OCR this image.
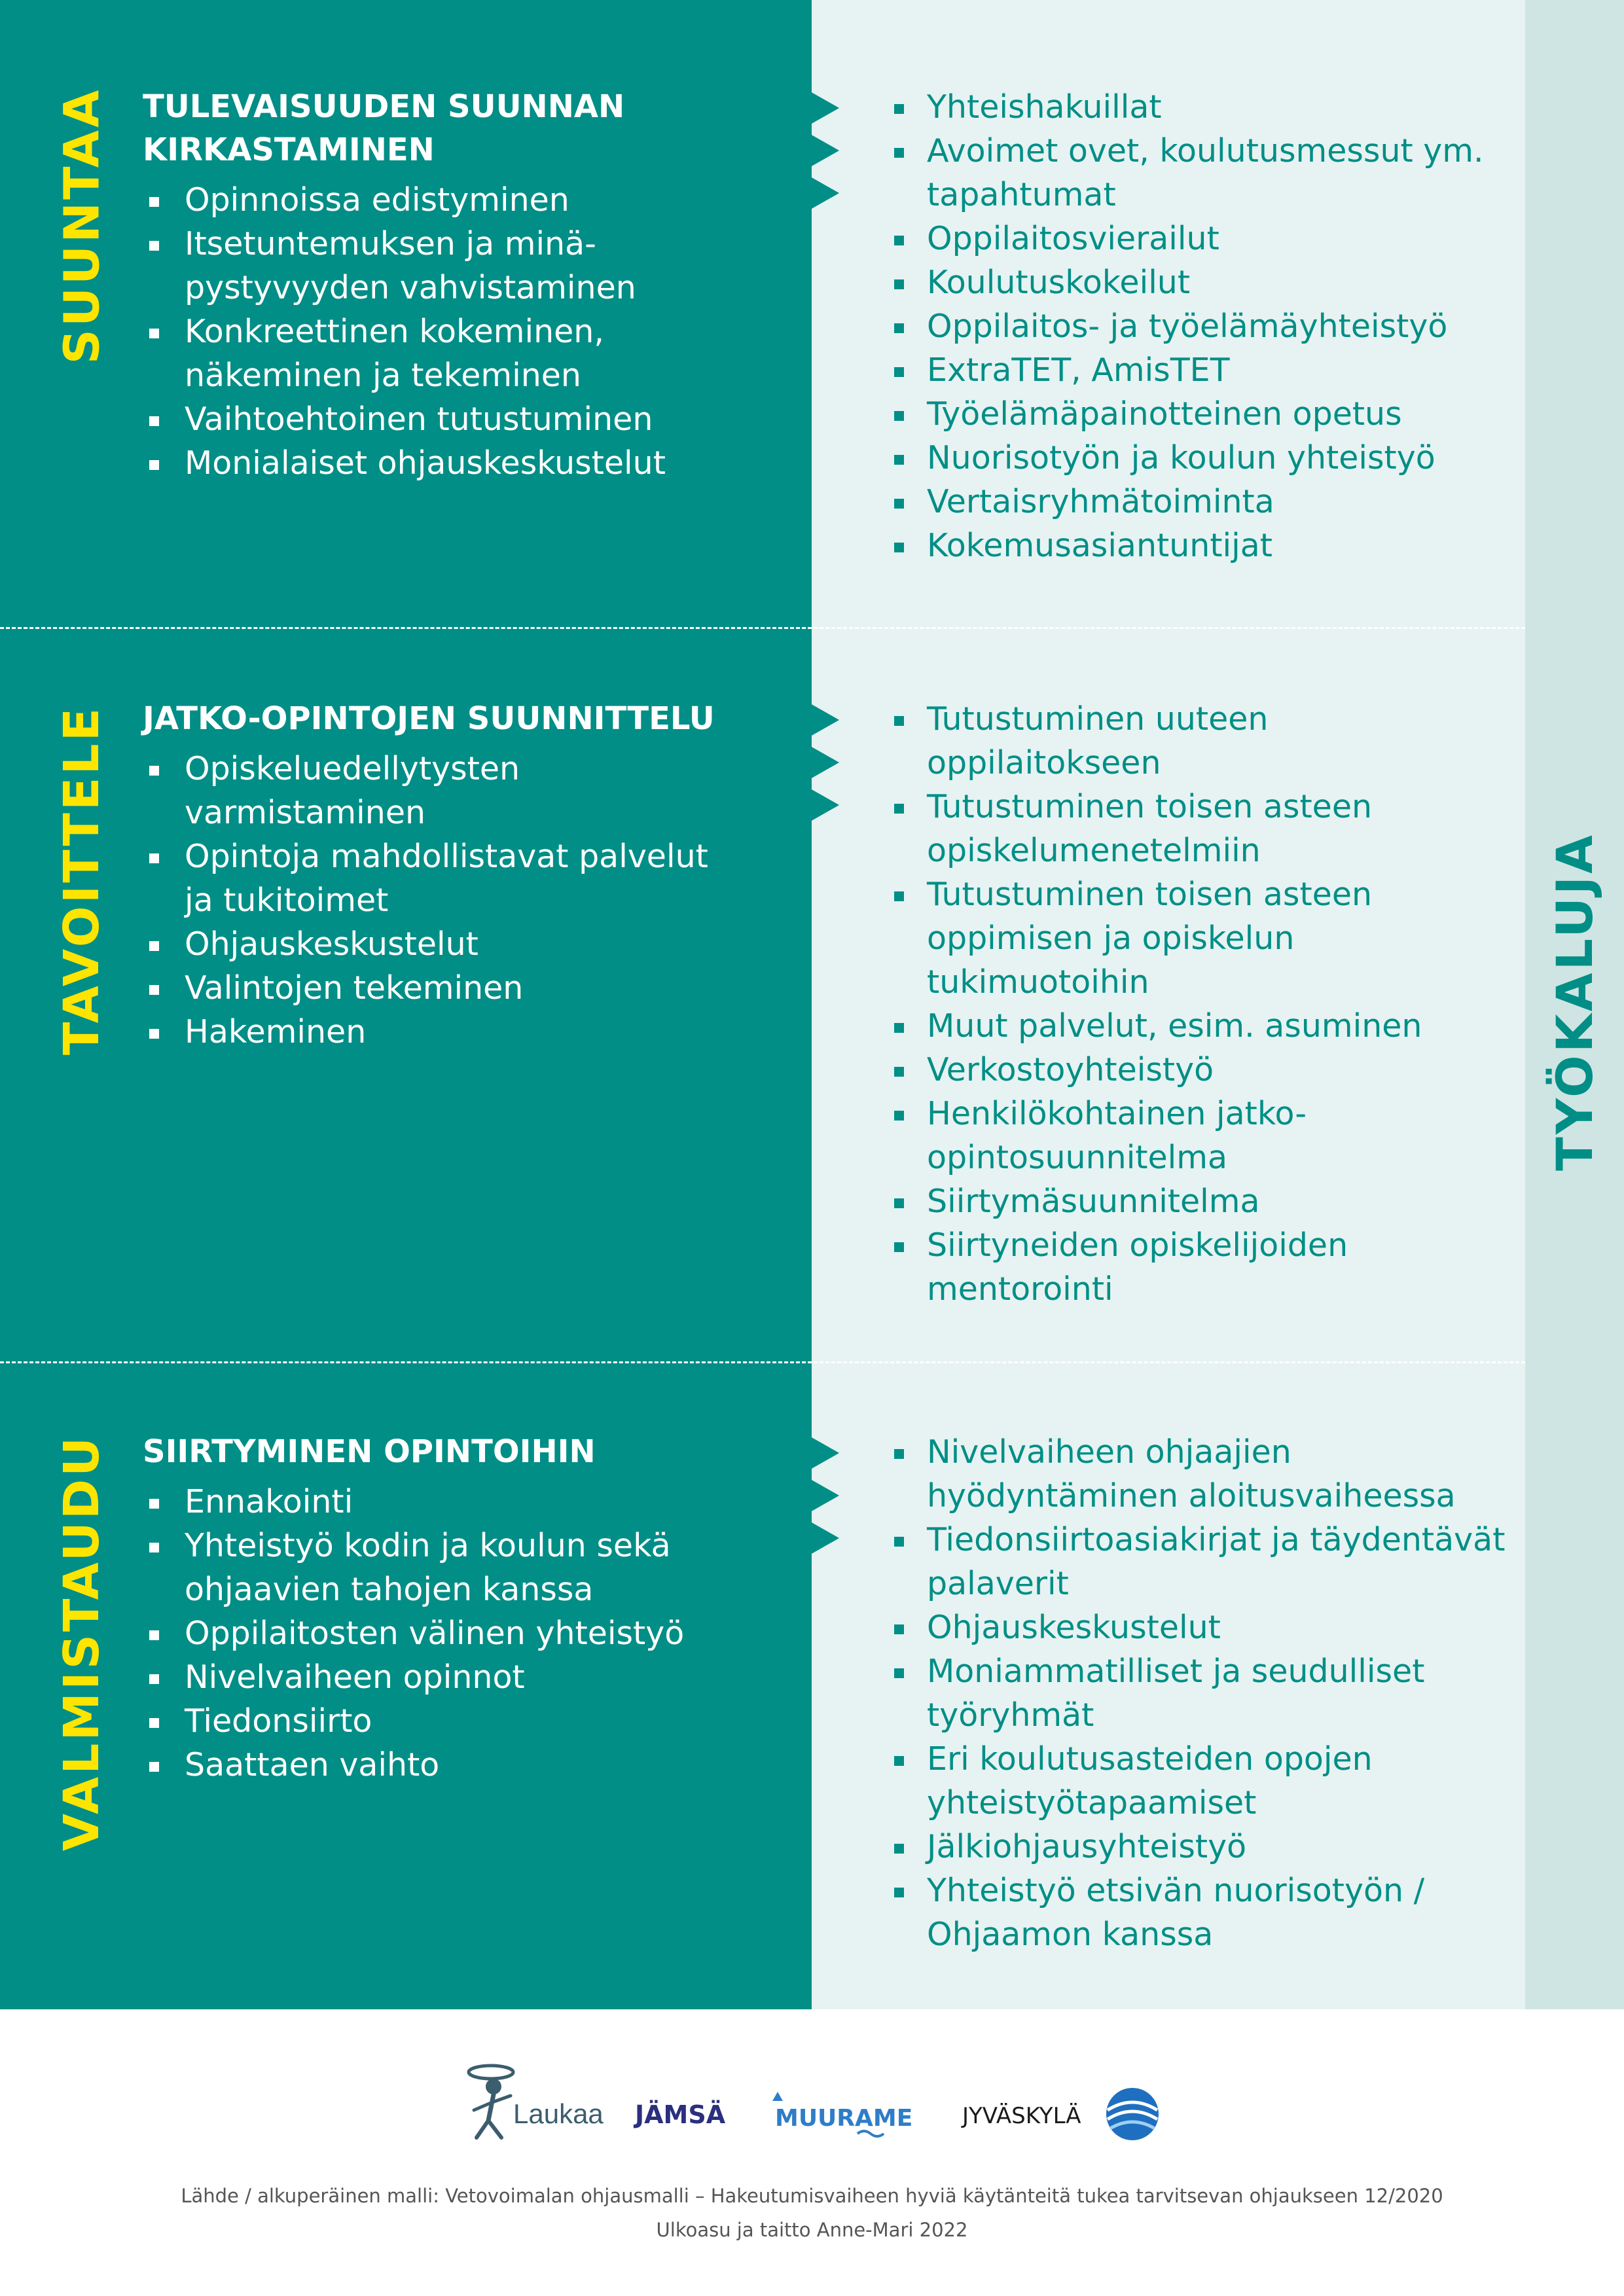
TYÖKALUJA
SUUNTAA TULEVAISUUDEN SUUNNAN KIRKASTAMINEN
Opinnoissa edistyminen
Itsetuntemuksen ja minä-pystyvyyden vahvistaminen
Konkreettinen kokeminen, näkeminen ja tekeminen
Vaihtoehtoinen tutustuminen
Monialaiset ohjauskeskustelut
Yhteishakuillat
Avoimet ovet, koulutusmessut ym. tapahtumat
Oppilaitosvierailut
Koulutuskokeilut
Oppilaitos- ja työelämäyhteistyö
ExtraTET, AmisTET
Työelämäpainotteinen opetus
Nuorisotyön ja koulun yhteistyö
Vertaisryhmätoiminta
Kokemusasiantuntijat
TAVOITTELE JATKO-OPINTOJEN SUUNNITTELU
Opiskeluedellytysten varmistaminen
Opintoja mahdollistavat palvelut ja tukitoimet
Ohjauskeskustelut
Valintojen tekeminen
Hakeminen
Tutustuminen uuteen oppilaitokseen
Tutustuminen toisen asteen opiskelumenetelmiin
Tutustuminen toisen asteen oppimisen ja opiskelun tukimuotoihin
Muut palvelut, esim. asuminen
Verkostoyhteistyö
Henkilökohtainen jatko-opintosuunnitelma
Siirtymäsuunnitelma
Siirtyneiden opiskelijoiden mentorointi
VALMISTAUDU SIIRTYMINEN OPINTOIHIN
Ennakointi
Yhteistyö kodin ja koulun sekä ohjaavien tahojen kanssa
Oppilaitosten välinen yhteistyö
Nivelvaiheen opinnot
Tiedonsiirto
Saattaen vaihto
Nivelvaiheen ohjaajien hyödyntäminen aloitusvaiheessa
Tiedonsiirtoasiakirjat ja täydentävät palaverit
Ohjauskeskustelut
Moniammatilliset ja seudulliset työryhmät
Eri koulutusasteiden opojen yhteistyötapaamiset
Jälkiohjausyhteistyö
Yhteistyö etsivän nuorisotyön / Ohjaamon kanssa
Laukaa JÄMSÄ MUURAME JYVÄSKYLÄ
Lähde / alkuperäinen malli: Vetovoimalan ohjausmalli – Hakeutumisvaiheen hyviä käytänteitä tukea tarvitsevan ohjaukseen 12/2020
Ulkoasu ja taitto Anne-Mari 2022
